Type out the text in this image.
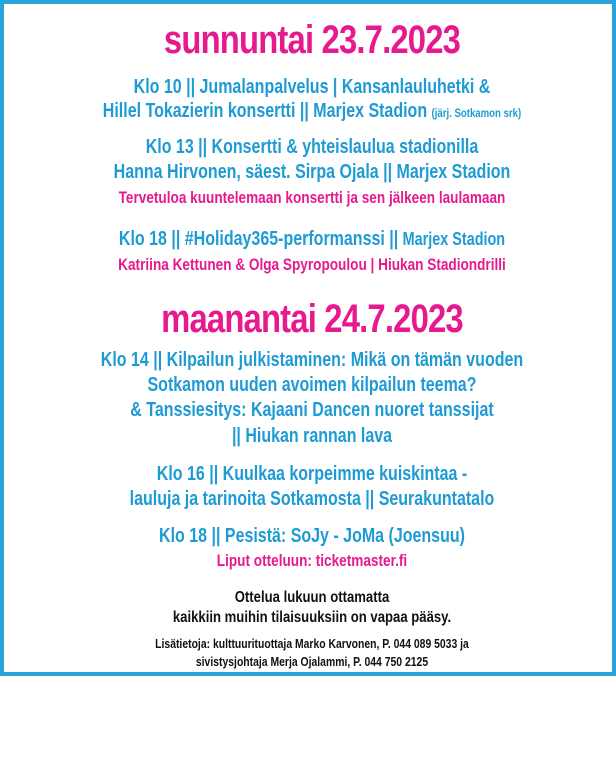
sunnuntai 23.7.2023
Klo 10 || Jumalanpalvelus | Kansanlauluhetki &
Hillel Tokazierin konsertti || Marjex Stadion (järj. Sotkamon srk)
Klo 13 || Konsertti & yhteislaulua stadionilla
Hanna Hirvonen, säest. Sirpa Ojala || Marjex Stadion
Tervetuloa kuuntelemaan konsertti ja sen jälkeen laulamaan
Klo 18 || #Holiday365-performanssi || Marjex Stadion
Katriina Kettunen & Olga Spyropoulou | Hiukan Stadiondrilli
maanantai 24.7.2023
Klo 14 || Kilpailun julkistaminen: Mikä on tämän vuoden
Sotkamon uuden avoimen kilpailun teema?
& Tanssiesitys: Kajaani Dancen nuoret tanssijat
|| Hiukan rannan lava
Klo 16 || Kuulkaa korpeimme kuiskintaa -
lauluja ja tarinoita Sotkamosta || Seurakuntatalo
Klo 18 || Pesistä: SoJy - JoMa (Joensuu)
Liput otteluun: ticketmaster.fi
Ottelua lukuun ottamatta
kaikkiin muihin tilaisuuksiin on vapaa pääsy.
Lisätietoja: kulttuurituottaja Marko Karvonen, P. 044 089 5033 ja
sivistysjohtaja Merja Ojalammi, P. 044 750 2125
